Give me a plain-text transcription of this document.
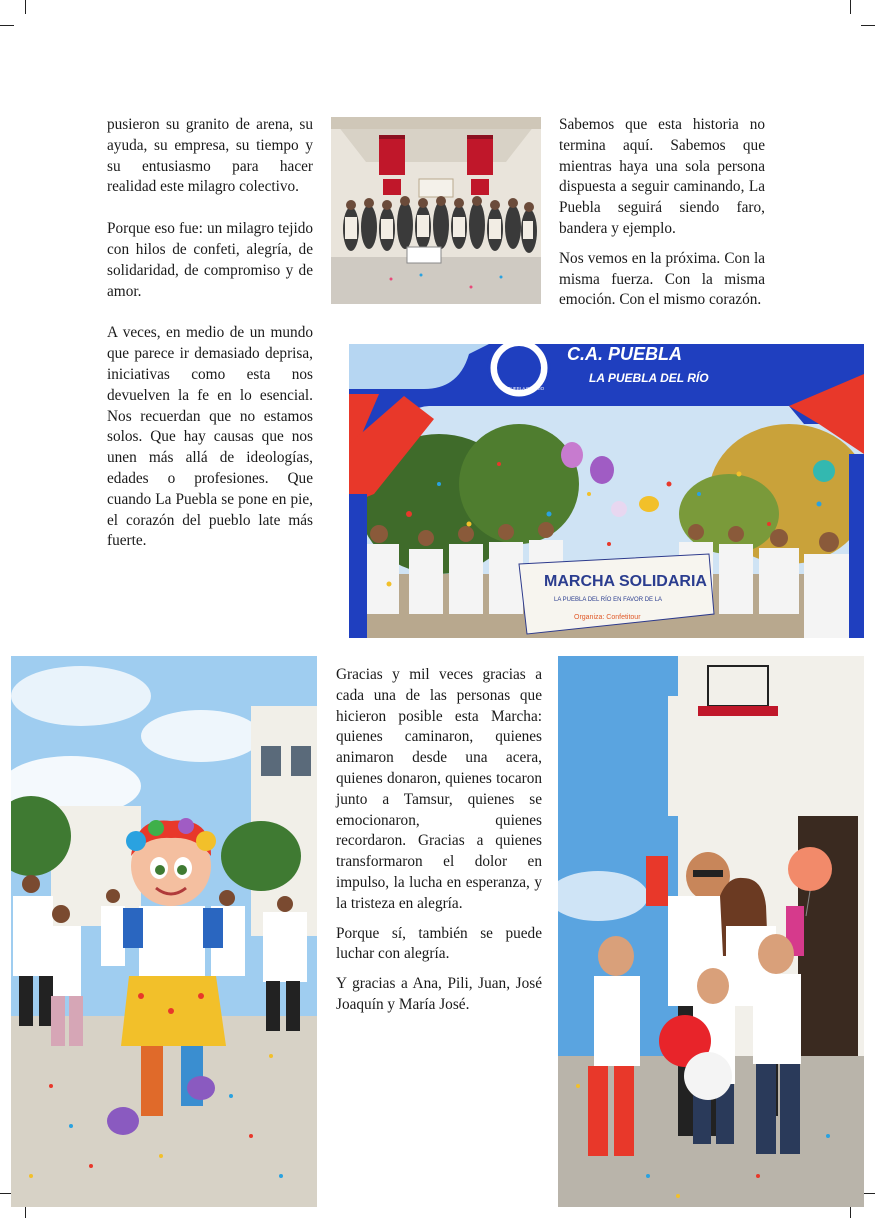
pusieron su granito de arena, su ayuda, su empresa, su tiempo y su entusiasmo para hacer realidad este milagro colectivo.

Porque eso fue: un milagro tejido con hilos de confeti, alegría, de solidaridad, de compromiso y de amor.

A veces, en medio de un mundo que parece ir demasiado deprisa, iniciativas como esta nos devuelven la fe en lo esencial. Nos recuerdan que no estamos solos. Que hay causas que nos unen más allá de ideologías, edades o profesiones. Que cuando La Puebla se pone en pie, el corazón del pueblo late más fuerte.

Sabemos que esta historia no termina aquí. Sabemos que mientras haya una sola persona dispuesta a seguir caminando, La Puebla seguirá siendo faro, bandera y ejemplo.

Nos vemos en la próxima. Con la misma fuerza. Con la misma emoción. Con el mismo corazón.

Gracias y mil veces gracias a cada una de las personas que hicieron posible esta Marcha: quienes caminaron, quienes animaron desde una acera, quienes donaron, quienes tocaron junto a Tamsur, quienes se emocionaron, quienes recordaron. Gracias a quienes transformaron el dolor en impulso, la lucha en esperanza, y la tristeza en alegría.

Porque sí, también se puede luchar con alegría.

Y gracias a Ana, Pili, Juan, José Joaquín y María José.

MARCHA SOLIDARIA
LA PUEBLA DEL RÍO EN FAVOR DE LA
Organiza: Confetitour
LA PUEBLA DEL RÍO
C.A. PUEBLA
LA PUEBLA DEL RÍO
